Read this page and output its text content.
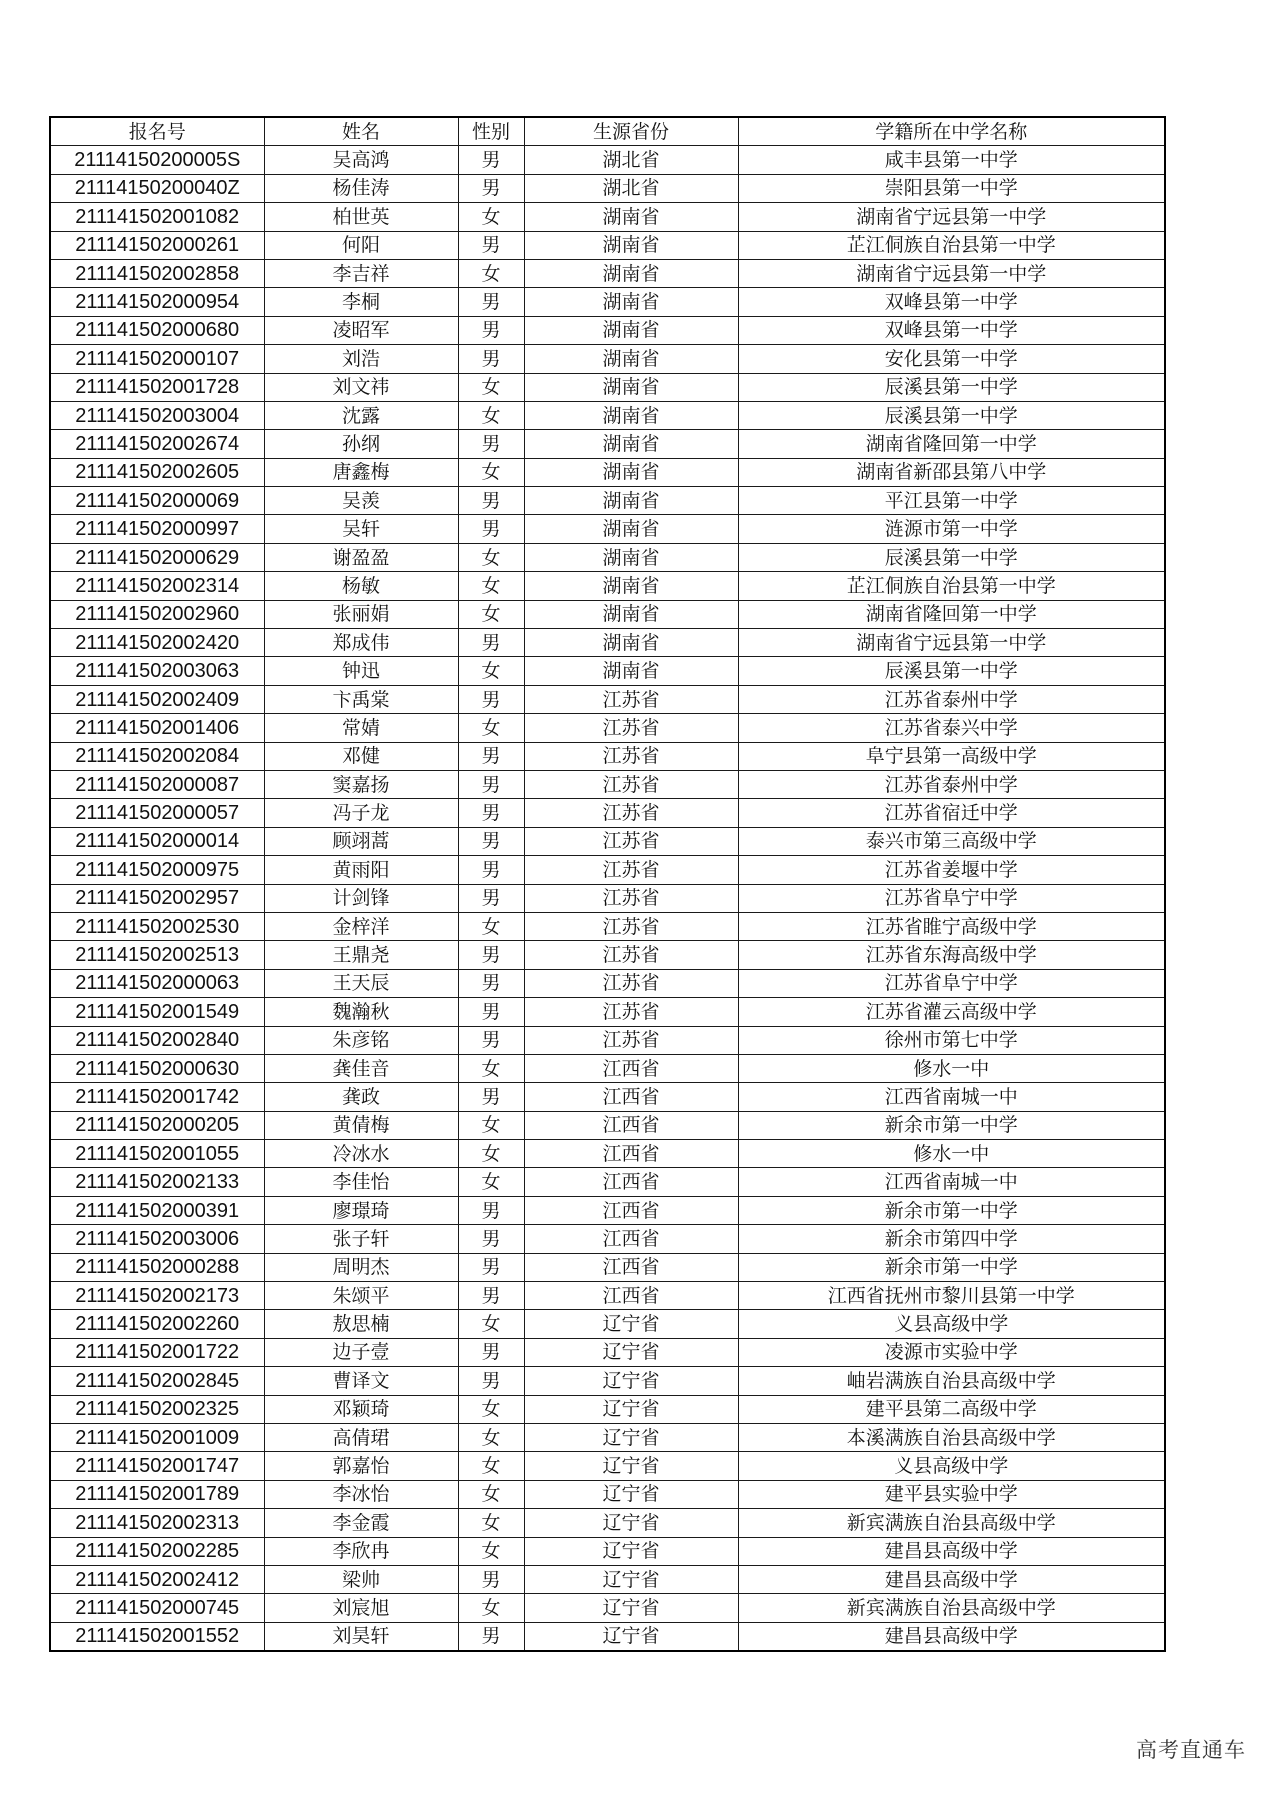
报名号	姓名	性别	生源省份	学籍所在中学名称
21114150200005S	吴高鸿	男	湖北省	咸丰县第一中学
21114150200040Z	杨佳涛	男	湖北省	崇阳县第一中学
211141502001082	柏世英	女	湖南省	湖南省宁远县第一中学
211141502000261	何阳	男	湖南省	芷江侗族自治县第一中学
211141502002858	李吉祥	女	湖南省	湖南省宁远县第一中学
211141502000954	李桐	男	湖南省	双峰县第一中学
211141502000680	凌昭军	男	湖南省	双峰县第一中学
211141502000107	刘浩	男	湖南省	安化县第一中学
211141502001728	刘文祎	女	湖南省	辰溪县第一中学
211141502003004	沈露	女	湖南省	辰溪县第一中学
211141502002674	孙纲	男	湖南省	湖南省隆回第一中学
211141502002605	唐鑫梅	女	湖南省	湖南省新邵县第八中学
211141502000069	吴羡	男	湖南省	平江县第一中学
211141502000997	吴轩	男	湖南省	涟源市第一中学
211141502000629	谢盈盈	女	湖南省	辰溪县第一中学
211141502002314	杨敏	女	湖南省	芷江侗族自治县第一中学
211141502002960	张丽娟	女	湖南省	湖南省隆回第一中学
211141502002420	郑成伟	男	湖南省	湖南省宁远县第一中学
211141502003063	钟迅	女	湖南省	辰溪县第一中学
211141502002409	卞禹棠	男	江苏省	江苏省泰州中学
211141502001406	常婧	女	江苏省	江苏省泰兴中学
211141502002084	邓健	男	江苏省	阜宁县第一高级中学
211141502000087	窦嘉扬	男	江苏省	江苏省泰州中学
211141502000057	冯子龙	男	江苏省	江苏省宿迁中学
211141502000014	顾翊蒿	男	江苏省	泰兴市第三高级中学
211141502000975	黄雨阳	男	江苏省	江苏省姜堰中学
211141502002957	计剑锋	男	江苏省	江苏省阜宁中学
211141502002530	金梓洋	女	江苏省	江苏省睢宁高级中学
211141502002513	王鼎尧	男	江苏省	江苏省东海高级中学
211141502000063	王天辰	男	江苏省	江苏省阜宁中学
211141502001549	魏瀚秋	男	江苏省	江苏省灌云高级中学
211141502002840	朱彦铭	男	江苏省	徐州市第七中学
211141502000630	龚佳音	女	江西省	修水一中
211141502001742	龚政	男	江西省	江西省南城一中
211141502000205	黄倩梅	女	江西省	新余市第一中学
211141502001055	冷冰水	女	江西省	修水一中
211141502002133	李佳怡	女	江西省	江西省南城一中
211141502000391	廖璟琦	男	江西省	新余市第一中学
211141502003006	张子轩	男	江西省	新余市第四中学
211141502000288	周明杰	男	江西省	新余市第一中学
211141502002173	朱颂平	男	江西省	江西省抚州市黎川县第一中学
211141502002260	敖思楠	女	辽宁省	义县高级中学
211141502001722	边子壹	男	辽宁省	凌源市实验中学
211141502002845	曹译文	男	辽宁省	岫岩满族自治县高级中学
211141502002325	邓颖琦	女	辽宁省	建平县第二高级中学
211141502001009	高倩珺	女	辽宁省	本溪满族自治县高级中学
211141502001747	郭嘉怡	女	辽宁省	义县高级中学
211141502001789	李冰怡	女	辽宁省	建平县实验中学
211141502002313	李金霞	女	辽宁省	新宾满族自治县高级中学
211141502002285	李欣冉	女	辽宁省	建昌县高级中学
211141502002412	梁帅	男	辽宁省	建昌县高级中学
211141502000745	刘宸旭	女	辽宁省	新宾满族自治县高级中学
211141502001552	刘昊轩	男	辽宁省	建昌县高级中学
高考直通车
